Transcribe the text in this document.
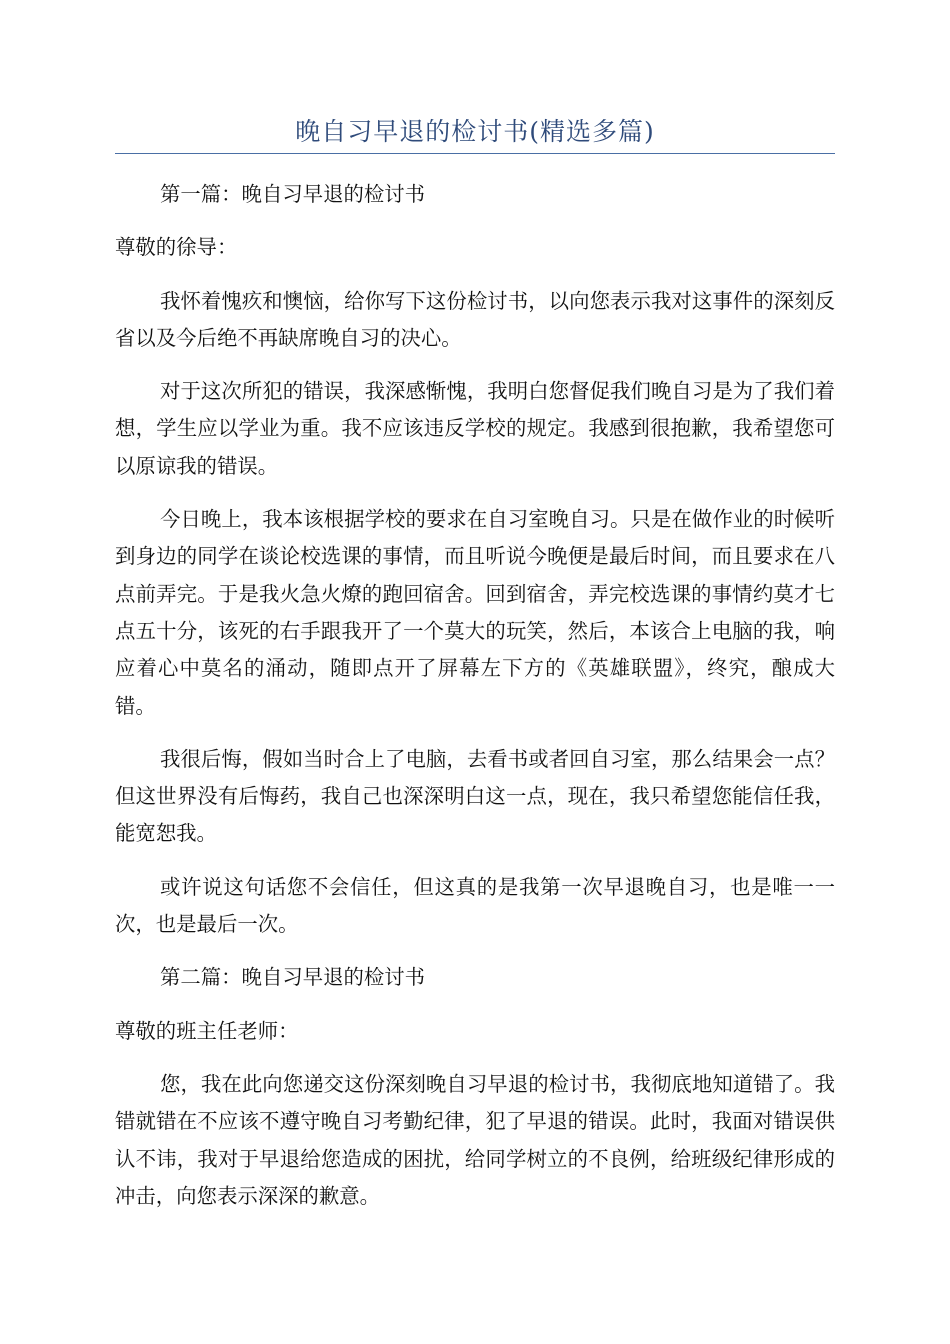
晚自习早退的检讨书(精选多篇)

第一篇：晚自习早退的检讨书

尊敬的徐导：

我怀着愧疚和懊恼，给你写下这份检讨书，以向您表示我对这事件的深刻反省以及今后绝不再缺席晚自习的决心。

对于这次所犯的错误，我深感惭愧，我明白您督促我们晚自习是为了我们着想，学生应以学业为重。我不应该违反学校的规定。我感到很抱歉，我希望您可以原谅我的错误。

今日晚上，我本该根据学校的要求在自习室晚自习。只是在做作业的时候听到身边的同学在谈论校选课的事情，而且听说今晚便是最后时间，而且要求在八点前弄完。于是我火急火燎的跑回宿舍。回到宿舍，弄完校选课的事情约莫才七点五十分，该死的右手跟我开了一个莫大的玩笑，然后，本该合上电脑的我，响应着心中莫名的涌动，随即点开了屏幕左下方的《英雄联盟》，终究，酿成大错。

我很后悔，假如当时合上了电脑，去看书或者回自习室，那么结果会一点？但这世界没有后悔药，我自己也深深明白这一点，现在，我只希望您能信任我，能宽恕我。

或许说这句话您不会信任，但这真的是我第一次早退晚自习，也是唯一一次，也是最后一次。

第二篇：晚自习早退的检讨书

尊敬的班主任老师：

您，我在此向您递交这份深刻晚自习早退的检讨书，我彻底地知道错了。我错就错在不应该不遵守晚自习考勤纪律，犯了早退的错误。此时，我面对错误供认不讳，我对于早退给您造成的困扰，给同学树立的不良例，给班级纪律形成的冲击，向您表示深深的歉意。
